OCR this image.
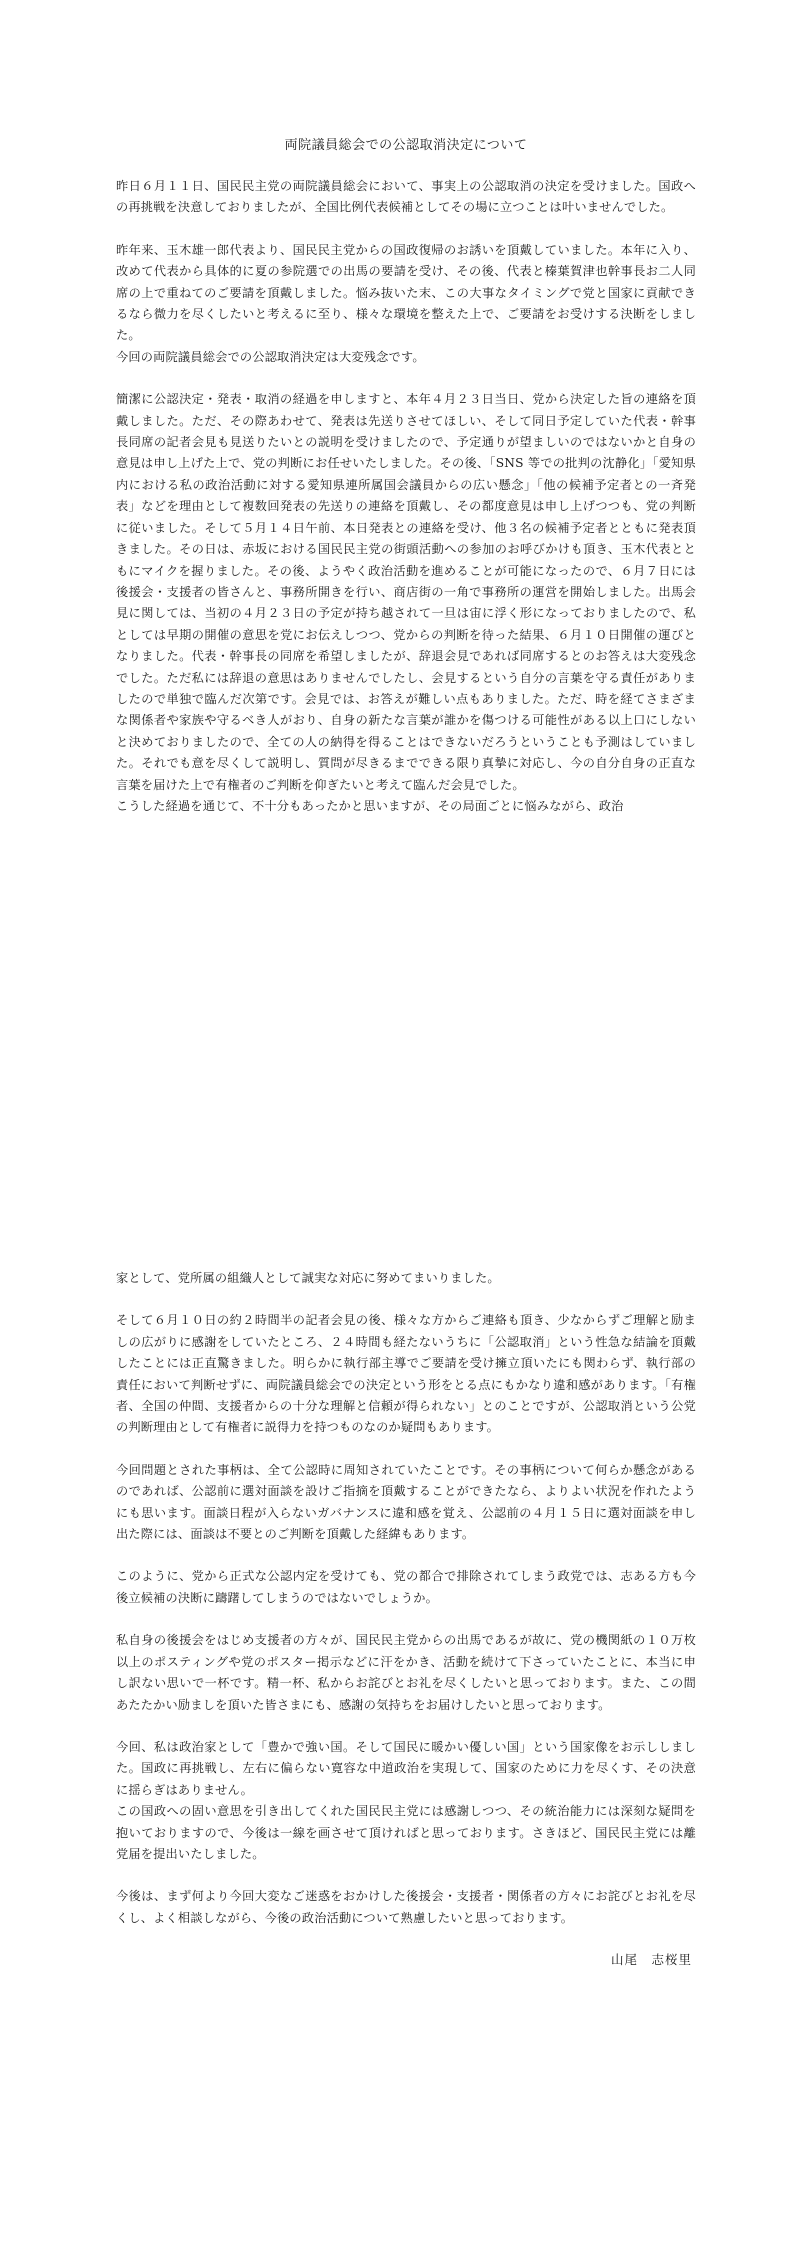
両院議員総会での公認取消決定について

昨日６月１１日、国民民主党の両院議員総会において、事実上の公認取消の決定を受けました。国政への再挑戦を決意しておりましたが、全国比例代表候補としてその場に立つことは叶いませんでした。

昨年来、玉木雄一郎代表より、国民民主党からの国政復帰のお誘いを頂戴していました。本年に入り、改めて代表から具体的に夏の参院選での出馬の要請を受け、その後、代表と榛葉賀津也幹事長お二人同席の上で重ねてのご要請を頂戴しました。悩み抜いた末、この大事なタイミングで党と国家に貢献できるなら微力を尽くしたいと考えるに至り、様々な環境を整えた上で、ご要請をお受けする決断をしました。

今回の両院議員総会での公認取消決定は大変残念です。

簡潔に公認決定・発表・取消の経過を申しますと、本年４月２３日当日、党から決定した旨の連絡を頂戴しました。ただ、その際あわせて、発表は先送りさせてほしい、そして同日予定していた代表・幹事長同席の記者会見も見送りたいとの説明を受けましたので、予定通りが望ましいのではないかと自身の意見は申し上げた上で、党の判断にお任せいたしました。その後、「SNS 等での批判の沈静化」「愛知県内における私の政治活動に対する愛知県連所属国会議員からの広い懸念」「他の候補予定者との一斉発表」などを理由として複数回発表の先送りの連絡を頂戴し、その都度意見は申し上げつつも、党の判断に従いました。そして５月１４日午前、本日発表との連絡を受け、他３名の候補予定者とともに発表頂きました。その日は、赤坂における国民民主党の街頭活動への参加のお呼びかけも頂き、玉木代表とともにマイクを握りました。その後、ようやく政治活動を進めることが可能になったので、６月７日には後援会・支援者の皆さんと、事務所開きを行い、商店街の一角で事務所の運営を開始しました。出馬会見に関しては、当初の４月２３日の予定が持ち越されて一旦は宙に浮く形になっておりましたので、私としては早期の開催の意思を党にお伝えしつつ、党からの判断を待った結果、６月１０日開催の運びとなりました。代表・幹事長の同席を希望しましたが、辞退会見であれば同席するとのお答えは大変残念でした。ただ私には辞退の意思はありませんでしたし、会見するという自分の言葉を守る責任がありましたので単独で臨んだ次第です。会見では、お答えが難しい点もありました。ただ、時を経てさまざまな関係者や家族や守るべき人がおり、自身の新たな言葉が誰かを傷つける可能性がある以上口にしないと決めておりましたので、全ての人の納得を得ることはできないだろうということも予測はしていました。それでも意を尽くして説明し、質問が尽きるまでできる限り真摯に対応し、今の自分自身の正直な言葉を届けた上で有権者のご判断を仰ぎたいと考えて臨んだ会見でした。

こうした経過を通じて、不十分もあったかと思いますが、その局面ごとに悩みながら、政治

家として、党所属の組織人として誠実な対応に努めてまいりました。

そして６月１０日の約２時間半の記者会見の後、様々な方からご連絡も頂き、少なからずご理解と励ましの広がりに感謝をしていたところ、２４時間も経たないうちに「公認取消」という性急な結論を頂戴したことには正直驚きました。明らかに執行部主導でご要請を受け擁立頂いたにも関わらず、執行部の責任において判断せずに、両院議員総会での決定という形をとる点にもかなり違和感があります。「有権者、全国の仲間、支援者からの十分な理解と信頼が得られない」とのことですが、公認取消という公党の判断理由として有権者に説得力を持つものなのか疑問もあります。

今回問題とされた事柄は、全て公認時に周知されていたことです。その事柄について何らか懸念があるのであれば、公認前に選対面談を設けご指摘を頂戴することができたなら、よりよい状況を作れたようにも思います。面談日程が入らないガバナンスに違和感を覚え、公認前の４月１５日に選対面談を申し出た際には、面談は不要とのご判断を頂戴した経緯もあります。

このように、党から正式な公認内定を受けても、党の都合で排除されてしまう政党では、志ある方も今後立候補の決断に躊躇してしまうのではないでしょうか。

私自身の後援会をはじめ支援者の方々が、国民民主党からの出馬であるが故に、党の機関紙の１０万枚以上のポスティングや党のポスター掲示などに汗をかき、活動を続けて下さっていたことに、本当に申し訳ない思いで一杯です。精一杯、私からお詫びとお礼を尽くしたいと思っております。また、この間あたたかい励ましを頂いた皆さまにも、感謝の気持ちをお届けしたいと思っております。

今回、私は政治家として「豊かで強い国。そして国民に暖かい優しい国」という国家像をお示ししました。国政に再挑戦し、左右に偏らない寛容な中道政治を実現して、国家のために力を尽くす、その決意に揺らぎはありません。

この国政への固い意思を引き出してくれた国民民主党には感謝しつつ、その統治能力には深刻な疑問を抱いておりますので、今後は一線を画させて頂ければと思っております。さきほど、国民民主党には離党届を提出いたしました。

今後は、まず何より今回大変なご迷惑をおかけした後援会・支援者・関係者の方々にお詫びとお礼を尽くし、よく相談しながら、今後の政治活動について熟慮したいと思っております。

山尾　志桜里
